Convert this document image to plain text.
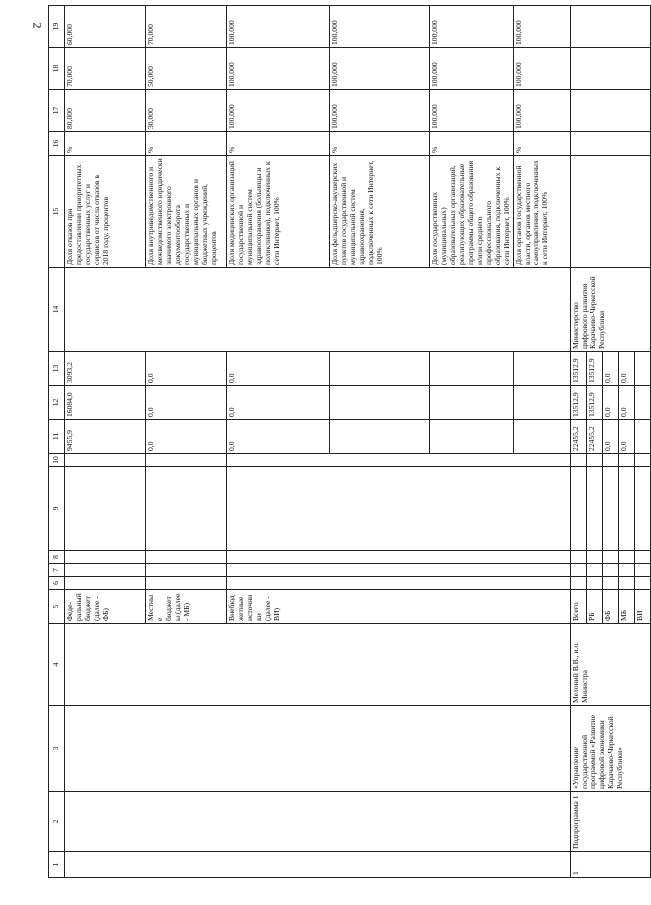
2
1	2	3	4	5	6	7	8	9	10	11	12	13	14	15	16	17	18	19
				Феде-ральный бюджет (далее - ФБ)						9455,9	16084,0	3093,2		Доля отказов при предоставлении приоритетных государственных услуг и сервисов от числа отказов в 2018 году, процентов	%	80,000	70,000	60,000
				Местные бюджеты (далее - МБ)						0,0	0,0	0,0		Доля внутриведомственного и межведомственного юридически значимого электронного документооборота государственных и муниципальных органов и бюджетных учреждений, процентов	%	30,000	50,000	70,000
				Внебюджетные источники (далее - ВИ)						0,0	0,0	0,0		Доля медицинских организаций государственной и муниципальной систем здравоохранения (больницы и поликлиники), подключенных к сети Интернет, 100%	%	100,000	100,000	100,000
														Доля фельдшерско-акушерских пунктов государственной и муниципальной систем здравоохранения, подключенных к сети Интернет, 100%	%	100,000	100,000	100,000
														Доля государственных (муниципальных) образовательных организаций, реализующих образовательные программы общего образования и/или среднего профессионального образования, подключенных к сети Интернет, 100%	%	100,000	100,000	100,000
														Доля органов государственной власти, органов местного самоуправления, подключенных к сети Интернет, 100%	%	100,000	100,000	100,000
1	Подпрограмма 1	«Управление государственной программой «Развитие цифровой экономики Карачаево-Черкесской Республики»	Мелоний В.В., и.о. Министра	Всего						22455,2	13512,9	13512,9	Министерство цифрового развития Карачаево-Черкесской Республики					
				РБ						22455,2	13512,9	13512,9						
				ФБ						0,0	0,0	0,0						
				МБ						0,0	0,0	0,0						
				ВИ														
